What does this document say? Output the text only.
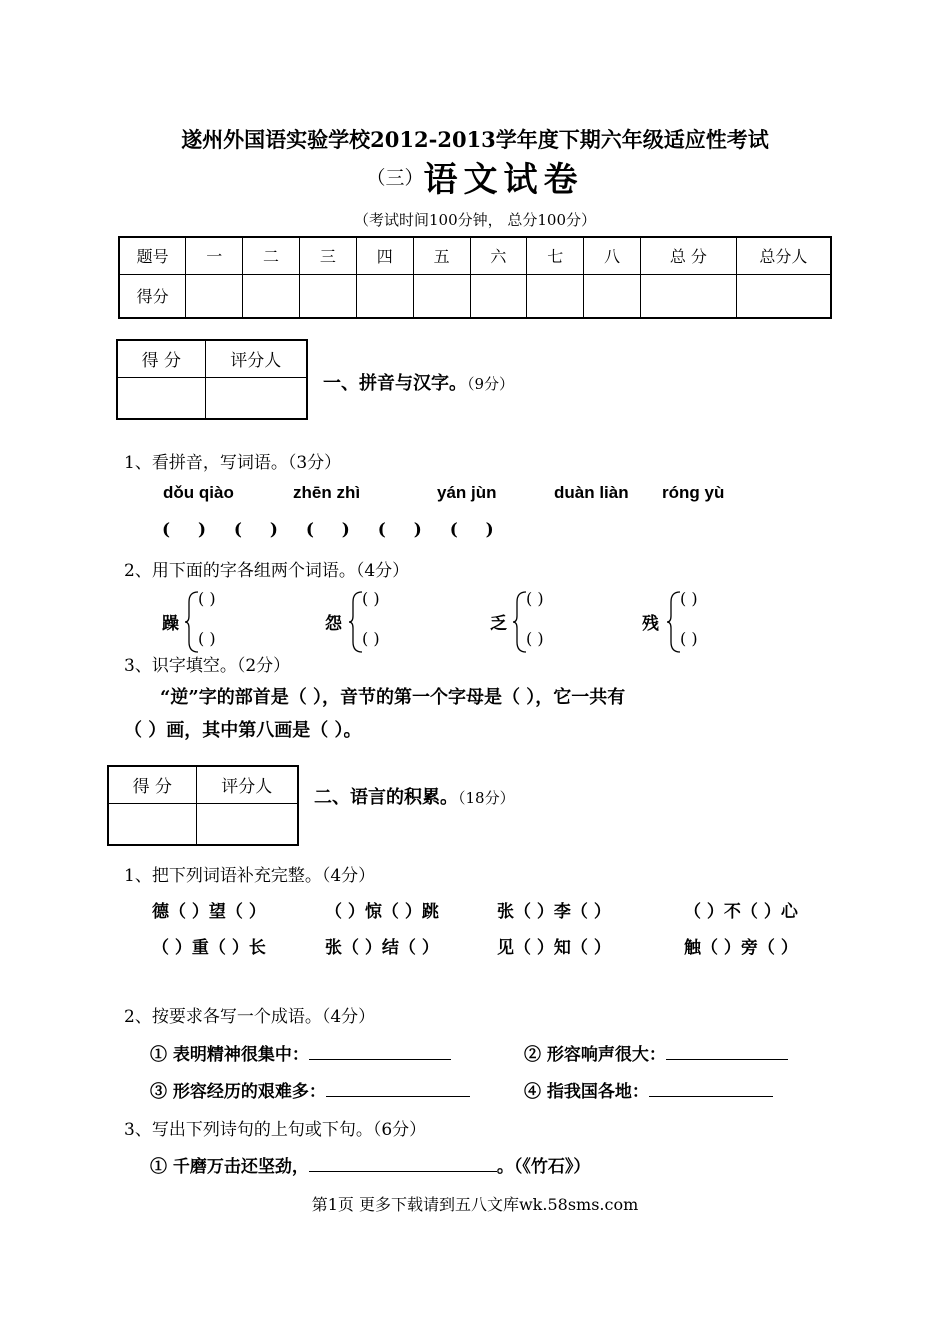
遂州外国语实验学校2012-2013学年度下期六年级适应性考试
（三）语文试卷
（考试时间100分钟， 总分100分）
题号	一	二	三	四	五	六	七	八	总 分	总分人
得分										
得 分	评分人

一、拼音与汉字。（9分）
1、看拼音，写词语。（3分）
dǒu qiào	zhēn zhì	yán jùn	duàn liàn róng yù
( ) ( ) ( ) ( ) ( )
2、用下面的字各组两个词语。（4分）
躁
( )
( )
怨
( )
( )
乏
( )
( )
残
( )
( )
3、识字填空。（2分）
“逆”字的部首是（ ），音节的第一个字母是（ ），它一共有
（ ）画，其中第八画是（ ）。
得 分	评分人
	二、语言的积累。（18分）
1、把下列词语补充完整。（4分）
德（ ）望（ ）	（ ）惊（ ）跳	张（ ）李（ ）	（ ）不（ ）心
（ ）重（ ）长	张（ ）结（ ）	见（ ）知（ ）	触（ ）旁（ ）
2、按要求各写一个成语。（4分）
① 表明精神很集中：	② 形容响声很大：
③ 形容经历的艰难多：	④ 指我国各地：
3、写出下列诗句的上句或下句。（6分）
① 千磨万击还坚劲，	。（《竹石》）
第1页 更多下载请到五八文库wk.58sms.com
